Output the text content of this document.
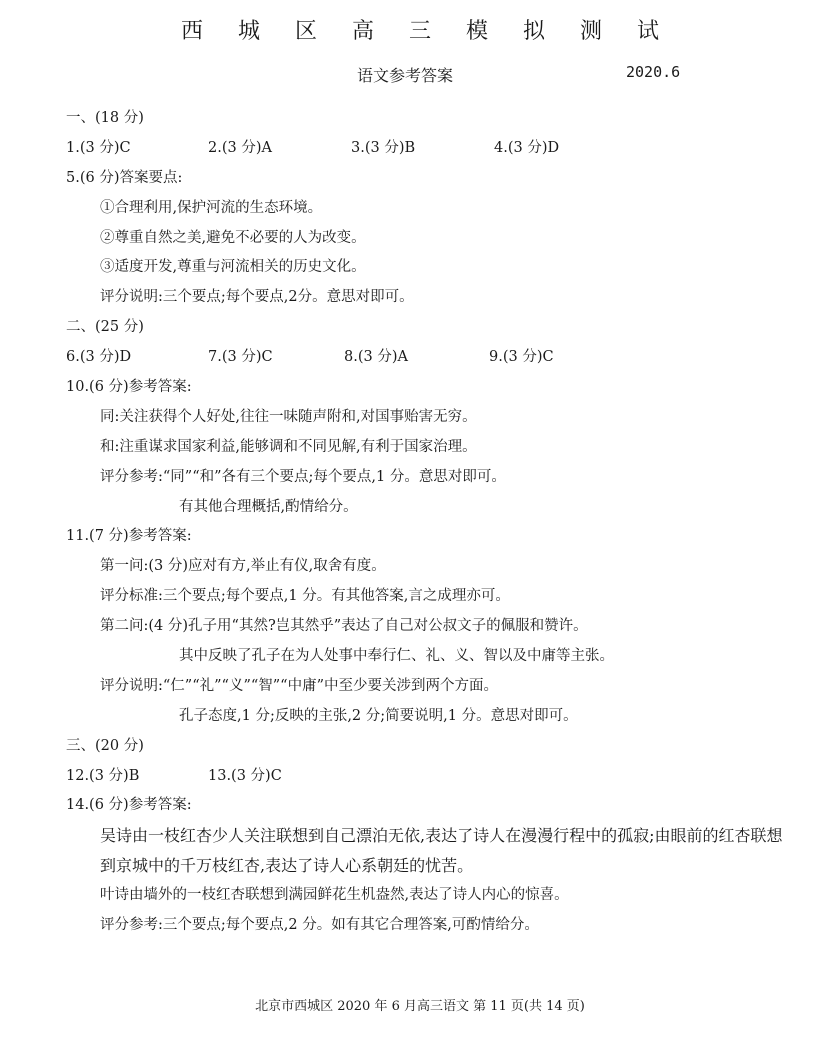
西 城 区 高 三 模 拟 测 试
语文参考答案	2020.6
一、(18 分)
1.(3 分)C	2.(3 分)A	3.(3 分)B	4.(3 分)D
5.(6 分)答案要点:
①合理利用,保护河流的生态环境。
②尊重自然之美,避免不必要的人为改变。
③适度开发,尊重与河流相关的历史文化。
评分说明:三个要点;每个要点,2分。意思对即可。
二、(25 分)
6.(3 分)D	7.(3 分)C	8.(3 分)A	9.(3 分)C
10.(6 分)参考答案:
同:关注获得个人好处,往往一味随声附和,对国事贻害无穷。
和:注重谋求国家利益,能够调和不同见解,有利于国家治理。
评分参考:“同”“和”各有三个要点;每个要点,1 分。意思对即可。
有其他合理概括,酌情给分。
11.(7 分)参考答案:
第一问:(3 分)应对有方,举止有仪,取舍有度。
评分标准:三个要点;每个要点,1 分。有其他答案,言之成理亦可。
第二问:(4 分)孔子用“其然?岂其然乎”表达了自己对公叔文子的佩服和赞许。
其中反映了孔子在为人处事中奉行仁、礼、义、智以及中庸等主张。
评分说明:“仁”“礼”“义”“智”“中庸”中至少要关涉到两个方面。
孔子态度,1 分;反映的主张,2 分;简要说明,1 分。意思对即可。
三、(20 分)
12.(3 分)B	13.(3 分)C
14.(6 分)参考答案:
吴诗由一枝红杏少人关注联想到自己漂泊无依,表达了诗人在漫漫行程中的孤寂;由眼前的红杏联想到京城中的千万枝红杏,表达了诗人心系朝廷的忧苦。
叶诗由墙外的一枝红杏联想到满园鲜花生机盎然,表达了诗人内心的惊喜。
评分参考:三个要点;每个要点,2 分。如有其它合理答案,可酌情给分。
北京市西城区 2020 年 6 月高三语文 第 11 页(共 14 页)
